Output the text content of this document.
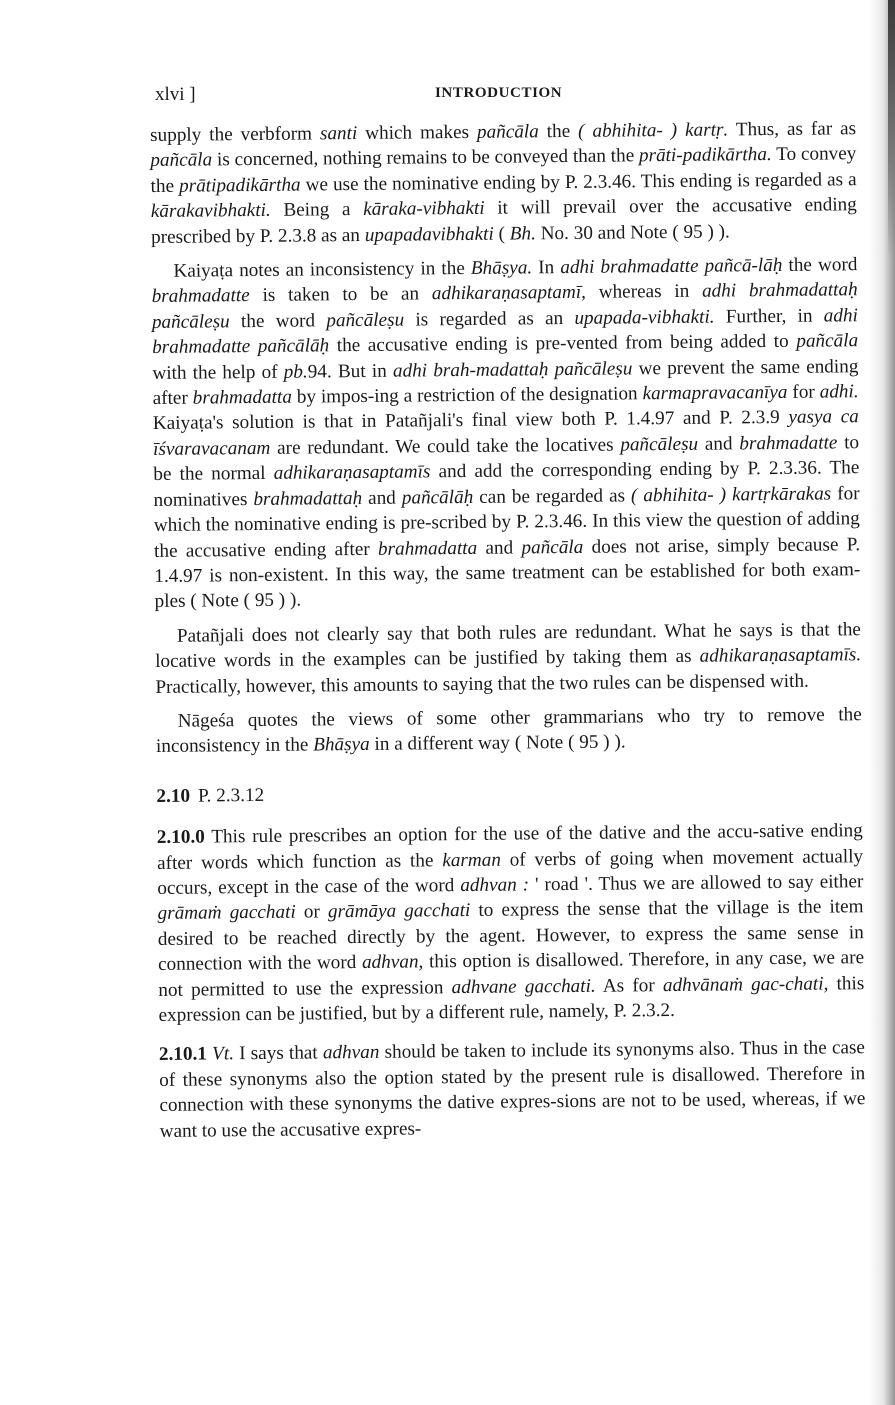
xlvi ]	INTRODUCTION

supply the verbform santi which makes pañcāla the ( abhihita- ) kartṛ. Thus, as far as pañcāla is concerned, nothing remains to be conveyed than the prāti-padikārtha. To convey the prātipadikārtha we use the nominative ending by P. 2.3.46. This ending is regarded as a kārakavibhakti. Being a kāraka-vibhakti it will prevail over the accusative ending prescribed by P. 2.3.8 as an upapadavibhakti ( Bh. No. 30 and Note ( 95 ) ).

Kaiyaṭa notes an inconsistency in the Bhāṣya. In adhi brahmadatte pañcā-lāḥ the word brahmadatte is taken to be an adhikaraṇasaptamī, whereas in adhi brahmadattaḥ pañcāleṣu the word pañcāleṣu is regarded as an upapada-vibhakti. Further, in adhi brahmadatte pañcālāḥ the accusative ending is pre-vented from being added to pañcāla with the help of pb.94. But in adhi brah-madattaḥ pañcāleṣu we prevent the same ending after brahmadatta by impos-ing a restriction of the designation karmapravacanīya for adhi. Kaiyaṭa's solution is that in Patañjali's final view both P. 1.4.97 and P. 2.3.9 yasya ca īśvaravacanam are redundant. We could take the locatives pañcāleṣu and brahmadatte to be the normal adhikaraṇasaptamīs and add the corresponding ending by P. 2.3.36. The nominatives brahmadattaḥ and pañcālāḥ can be regarded as ( abhihita- ) kartṛkārakas for which the nominative ending is pre-scribed by P. 2.3.46. In this view the question of adding the accusative ending after brahmadatta and pañcāla does not arise, simply because P. 1.4.97 is non-existent. In this way, the same treatment can be established for both exam-ples ( Note ( 95 ) ).

Patañjali does not clearly say that both rules are redundant. What he says is that the locative words in the examples can be justified by taking them as adhikaraṇasaptamīs. Practically, however, this amounts to saying that the two rules can be dispensed with.

Nāgeśa quotes the views of some other grammarians who try to remove the inconsistency in the Bhāṣya in a different way ( Note ( 95 ) ).

2.10 P. 2.3.12

2.10.0 This rule prescribes an option for the use of the dative and the accu-sative ending after words which function as the karman of verbs of going when movement actually occurs, except in the case of the word adhvan : ' road '. Thus we are allowed to say either grāmaṁ gacchati or grāmāya gacchati to express the sense that the village is the item desired to be reached directly by the agent. However, to express the same sense in connection with the word adhvan, this option is disallowed. Therefore, in any case, we are not permitted to use the expression adhvane gacchati. As for adhvānaṁ gac-chati, this expression can be justified, but by a different rule, namely, P. 2.3.2.

2.10.1 Vt. I says that adhvan should be taken to include its synonyms also. Thus in the case of these synonyms also the option stated by the present rule is disallowed. Therefore in connection with these synonyms the dative expres-sions are not to be used, whereas, if we want to use the accusative expres-
